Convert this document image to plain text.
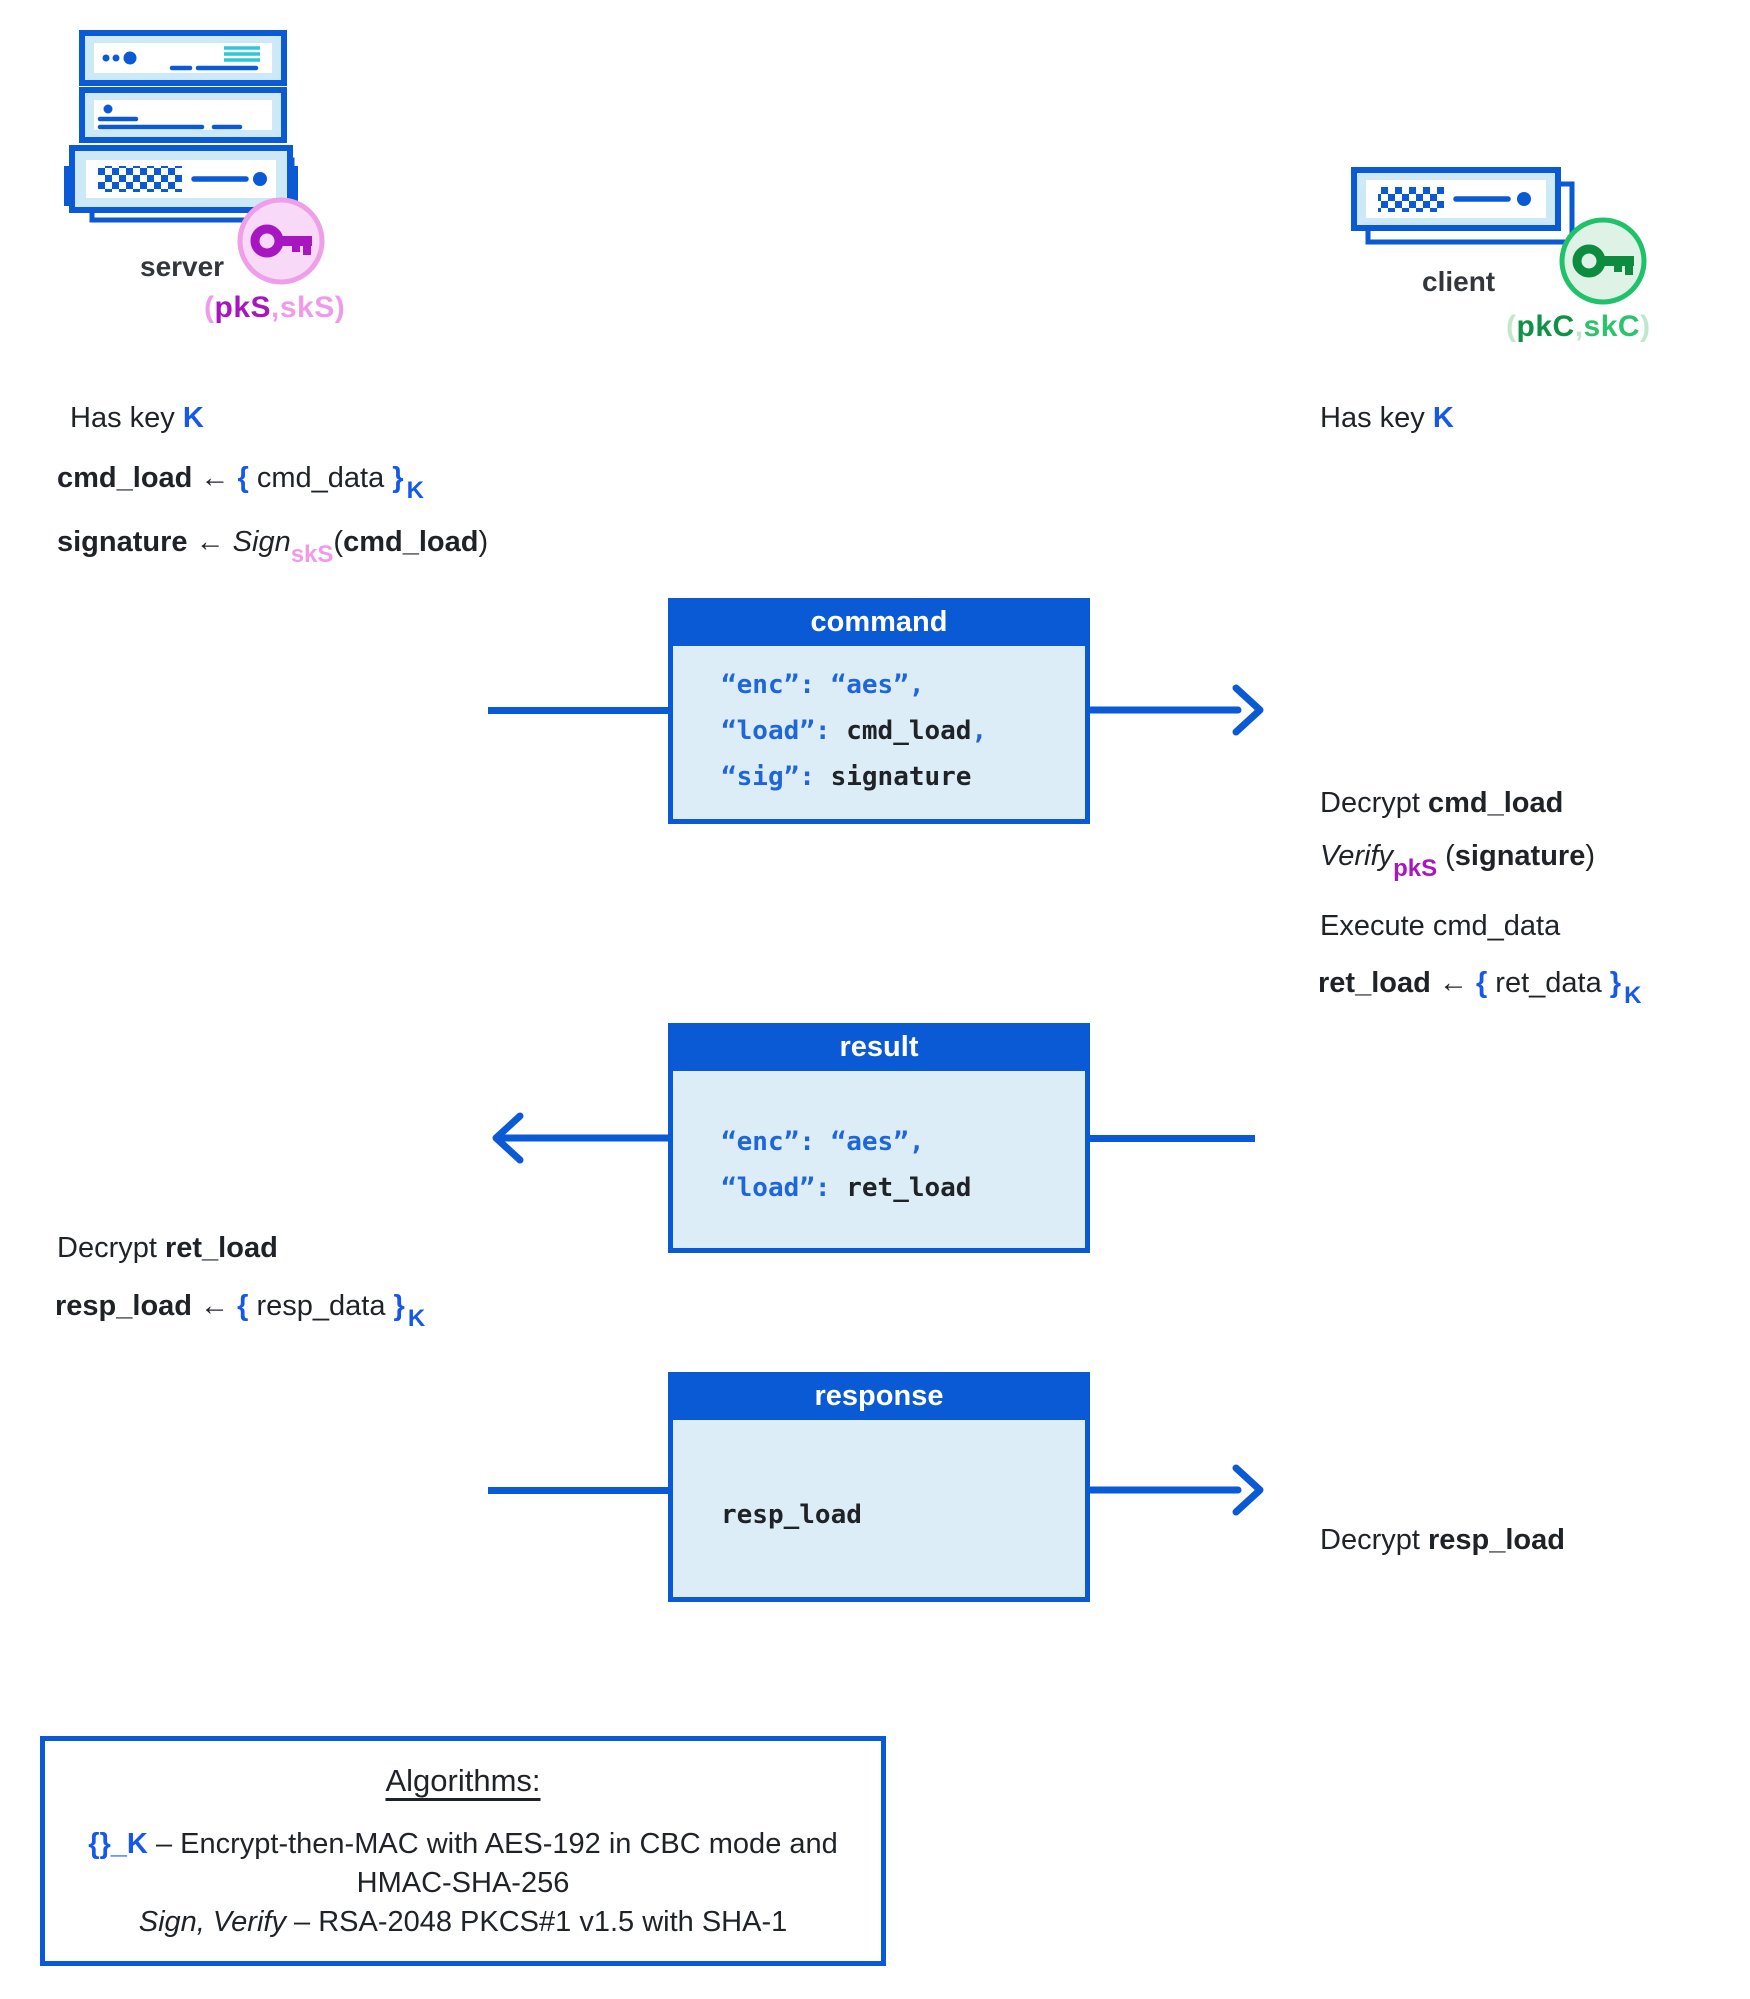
server
(pkS,skS)
client
(pkC,skC)
Has key K
cmd_load ← { cmd_data } $_K$
signature ← Sign$_{skS}$(cmd_load)
Decrypt ret_load
resp_load ← { resp_data } $_K$
Has key K
Decrypt cmd_load
Verify$_{pkS}$ (signature)
Execute cmd_data
ret_load ← { ret_data } $_K$
Decrypt resp_load
command
“enc”: “aes”,
“load”: cmd_load,
“sig”: signature
result
“enc”: “aes”,
“load”: ret_load
response
resp_load
Algorithms:
{}_K – Encrypt-then-MAC with AES-192 in CBC mode and
HMAC-SHA-256
Sign, Verify – RSA-2048 PKCS#1 v1.5 with SHA-1
